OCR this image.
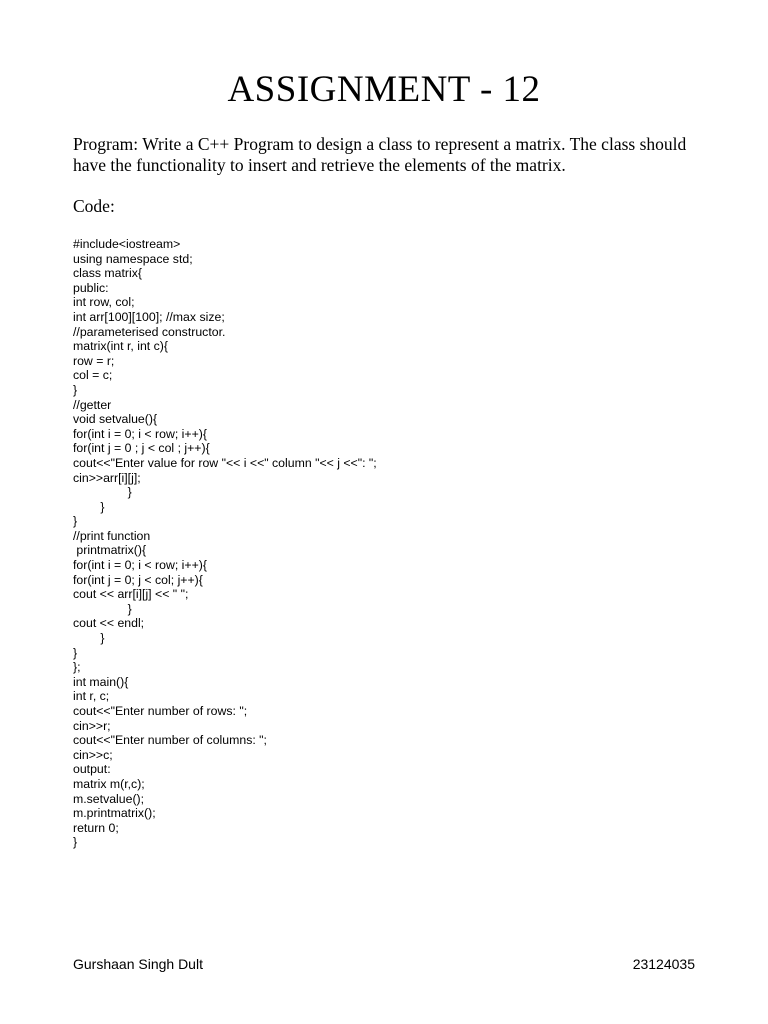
ASSIGNMENT - 12

Program: Write a C++ Program to design a class to represent a matrix. The class should have the functionality to insert and retrieve the elements of the matrix.

Code:

#include<iostream>
using namespace std;
class matrix{
public:
int row, col;
int arr[100][100]; //max size;
//parameterised constructor.
matrix(int r, int c){
row = r;
col = c;
}
//getter
void setvalue(){
for(int i = 0; i < row; i++){
for(int j = 0 ; j < col ; j++){
cout<<"Enter value for row "<< i <<" column "<< j <<": ";
cin>>arr[i][j];
}
}
}
//print function
printmatrix(){
for(int i = 0; i < row; i++){
for(int j = 0; j < col; j++){
cout << arr[i][j] << " ";
}
cout << endl;
}
}
};
int main(){
int r, c;
cout<<"Enter number of rows: ";
cin>>r;
cout<<"Enter number of columns: ";
cin>>c;
output:
matrix m(r,c);
m.setvalue();
m.printmatrix();
return 0;
}
Gurshaan Singh Dult	23124035
